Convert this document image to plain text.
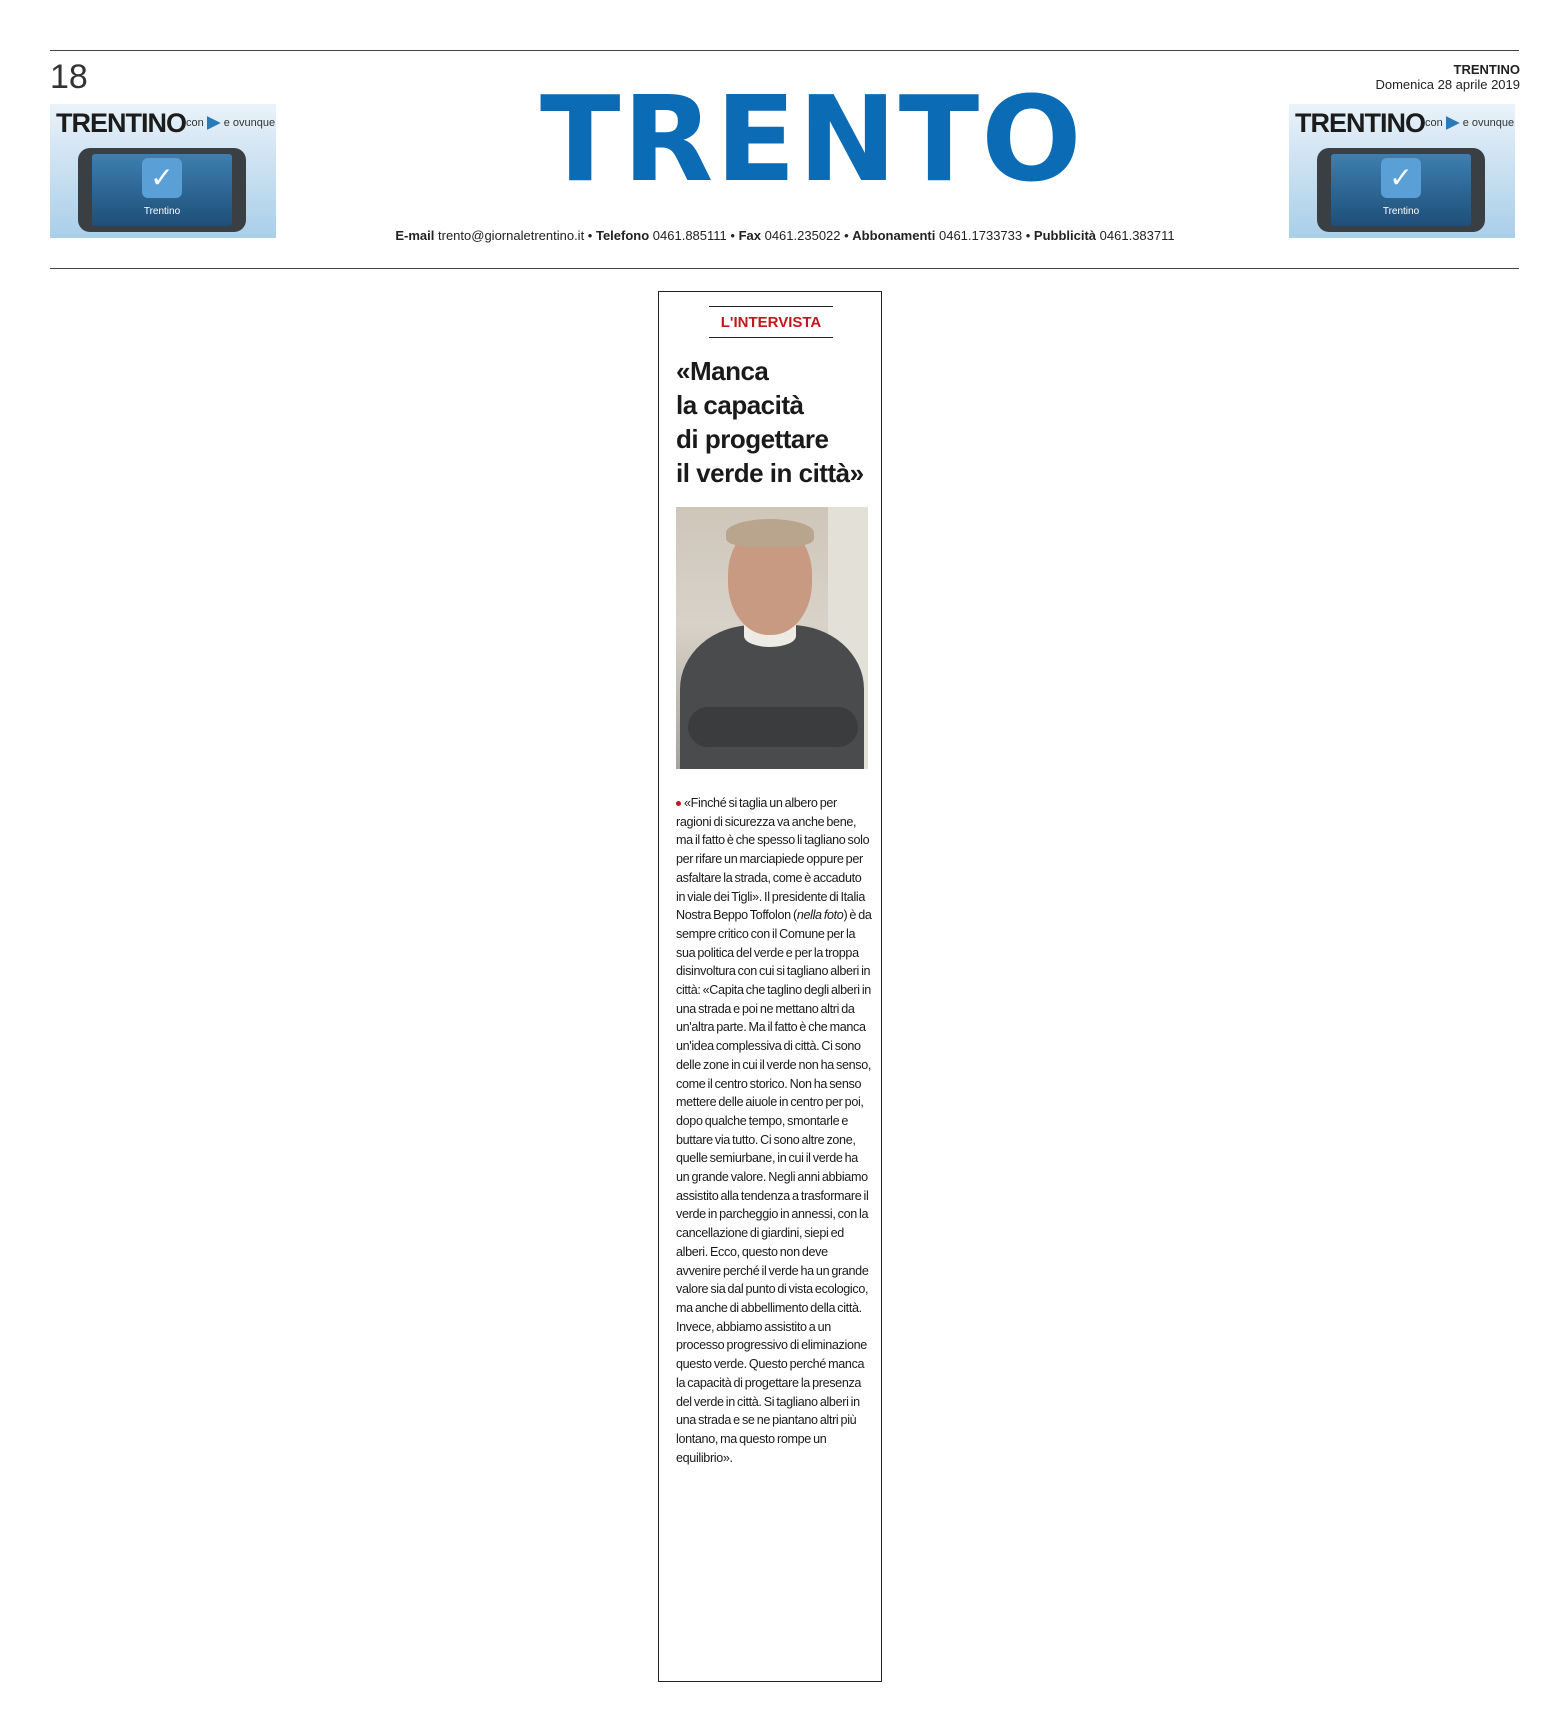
18
TRENTINO con e ovunque
✓
Trentino
TRENTO
TRENTINO
Domenica 28 aprile 2019
TRENTINO con e ovunque
✓
Trentino
E-mail trento@giornaletrentino.it • Telefono 0461.885111 • Fax 0461.235022 • Abbonamenti 0461.1733733 • Pubblicità 0461.383711
L'INTERVISTA
«Manca
la capacità
di progettare
il verde in città»

«Finché si taglia un albero per ragioni di sicurezza va anche bene, ma il fatto è che spesso li tagliano solo per rifare un marciapiede oppure per asfaltare la strada, come è accaduto in viale dei Tigli». Il presidente di Italia Nostra Beppo Toffolon (nella foto) è da sempre critico con il Comune per la sua politica del verde e per la troppa disinvoltura con cui si tagliano alberi in città: «Capita che taglino degli alberi in una strada e poi ne mettano altri da un'altra parte. Ma il fatto è che manca un'idea complessiva di città. Ci sono delle zone in cui il verde non ha senso, come il centro storico. Non ha senso mettere delle aiuole in centro per poi, dopo qualche tempo, smontarle e buttare via tutto. Ci sono altre zone, quelle semiurbane, in cui il verde ha un grande valore. Negli anni abbiamo assistito alla tendenza a trasformare il verde in parcheggio in annessi, con la cancellazione di giardini, siepi ed alberi. Ecco, questo non deve avvenire perché il verde ha un grande valore sia dal punto di vista ecologico, ma anche di abbellimento della città. Invece, abbiamo assistito a un processo progressivo di eliminazione questo verde. Questo perché manca la capacità di progettare la presenza del verde in città. Si tagliano alberi in una strada e se ne piantano altri più lontano, ma questo rompe un equilibrio».
